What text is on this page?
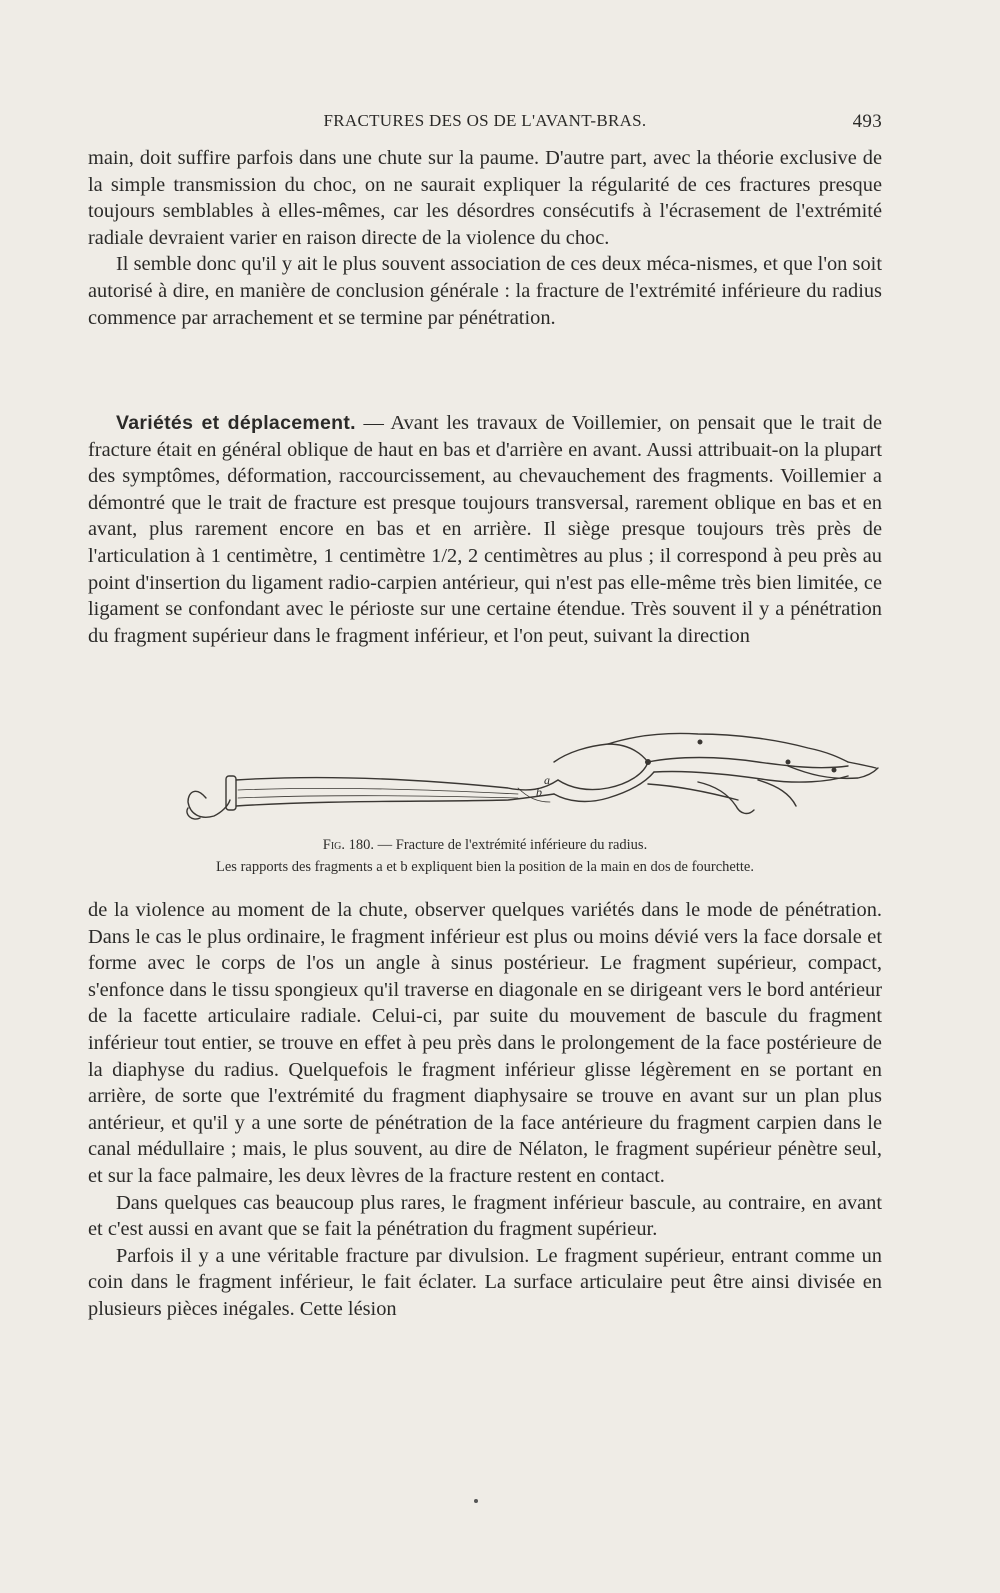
FRACTURES DES OS DE L'AVANT-BRAS.	493

main, doit suffire parfois dans une chute sur la paume. D'autre part, avec la théorie exclusive de la simple transmission du choc, on ne saurait expliquer la régularité de ces fractures presque toujours semblables à elles-mêmes, car les désordres consécutifs à l'écrasement de l'extrémité radiale devraient varier en raison directe de la violence du choc.

Il semble donc qu'il y ait le plus souvent association de ces deux méca-nismes, et que l'on soit autorisé à dire, en manière de conclusion générale : la fracture de l'extrémité inférieure du radius commence par arrachement et se termine par pénétration.

Variétés et déplacement. — Avant les travaux de Voillemier, on pensait que le trait de fracture était en général oblique de haut en bas et d'arrière en avant. Aussi attribuait-on la plupart des symptômes, déformation, raccourcissement, au chevauchement des fragments. Voillemier a démontré que le trait de fracture est presque toujours transversal, rarement oblique en bas et en avant, plus rarement encore en bas et en arrière. Il siège presque toujours très près de l'articulation à 1 centimètre, 1 centimètre 1/2, 2 centimètres au plus ; il correspond à peu près au point d'insertion du ligament radio-carpien antérieur, qui n'est pas elle-même très bien limitée, ce ligament se confondant avec le périoste sur une certaine étendue. Très souvent il y a pénétration du fragment supérieur dans le fragment inférieur, et l'on peut, suivant la direction

a
b
Fig. 180. — Fracture de l'extrémité inférieure du radius.
Les rapports des fragments a et b expliquent bien la position de la main en dos de fourchette.

de la violence au moment de la chute, observer quelques variétés dans le mode de pénétration. Dans le cas le plus ordinaire, le fragment inférieur est plus ou moins dévié vers la face dorsale et forme avec le corps de l'os un angle à sinus postérieur. Le fragment supérieur, compact, s'enfonce dans le tissu spongieux qu'il traverse en diagonale en se dirigeant vers le bord antérieur de la facette articulaire radiale. Celui-ci, par suite du mouvement de bascule du fragment inférieur tout entier, se trouve en effet à peu près dans le prolongement de la face postérieure de la diaphyse du radius. Quelquefois le fragment inférieur glisse légèrement en se portant en arrière, de sorte que l'extrémité du fragment diaphysaire se trouve en avant sur un plan plus antérieur, et qu'il y a une sorte de pénétration de la face antérieure du fragment carpien dans le canal médullaire ; mais, le plus souvent, au dire de Nélaton, le fragment supérieur pénètre seul, et sur la face palmaire, les deux lèvres de la fracture restent en contact.

Dans quelques cas beaucoup plus rares, le fragment inférieur bascule, au contraire, en avant et c'est aussi en avant que se fait la pénétration du fragment supérieur.

Parfois il y a une véritable fracture par divulsion. Le fragment supérieur, entrant comme un coin dans le fragment inférieur, le fait éclater. La surface articulaire peut être ainsi divisée en plusieurs pièces inégales. Cette lésion
